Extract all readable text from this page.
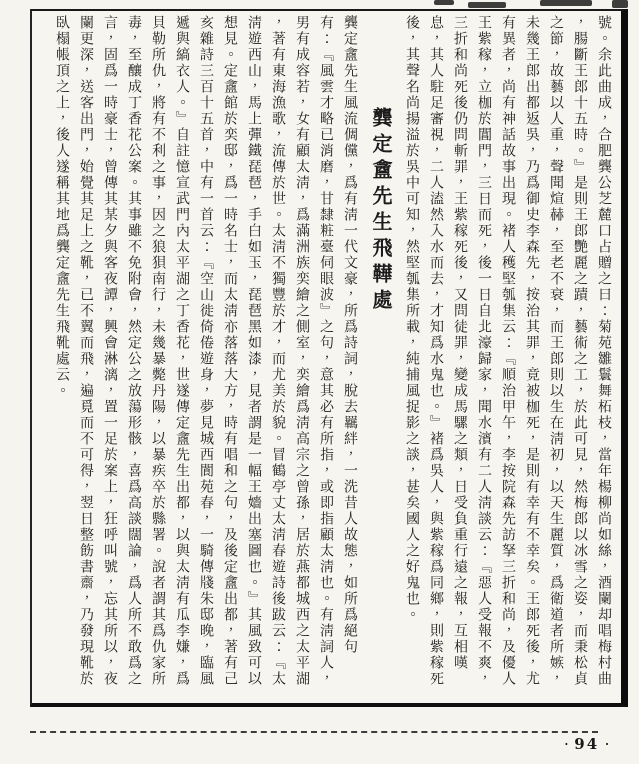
號。余此曲成，合肥龔公芝麓口占贈之曰：菊苑雛鬟舞柘枝，當年楊柳尚如絲，酒闌却唱梅村曲
，腸斷王郎十五時。』是則王郎艷麗之蹟，藝術之工，於此可見，然梅郎以冰雪之姿，而秉松貞
之節，故藝以人重，聲聞煊赫，至老不衰，而王郎則以生在淸初，以天生麗質，爲衛道者所嫉，
未幾王郎出都返吳，乃爲御史李森先，按治其罪，竟被枷死，是則有幸有不幸矣。王郎死後，尤
有異者，尚有神話故事出現。褚人穫堅瓠集云：『順治甲午，李按院森先訪拏三折和尚，及優人
王紫稼，立枷於閶門，三日而死，後一日自北濠歸家，聞水濱有二人淸談云：『惡人受報不爽，
三折和尚死後仍問斬罪，王紫稼死後，又問徒罪，變成馬騾之類，日受負重行遠之報，互相嘆
息，其人駐足審視，二人溘然入水而去，才知爲水鬼也。』褚爲吳人，與紫稼爲同鄉，則紫稼死
後，其聲名尚揚溢於吳中可知，然堅瓠集所載，純捕風捉影之談，甚矣國人之好鬼也。
龔定盦先生飛鞾處
龔定盦先生風流倜儻，爲有淸一代文豪，所爲詩詞，脫去羈絆，一洗昔人故態，如所爲絕句
有：『風雲才略已消磨，甘隸粧臺伺眼波』之句，意其必有所指，或即指顧太淸也。有淸詞人，
男有成容若，女有顧太淸，爲滿洲族奕繪之側室，奕繪爲淸高宗之曾孫，居於燕都城西之太平湖
，著有東海漁歌，流傳於世。太淸不獨豐於才，而尤美於貌。冒鶴亭丈太淸春遊詩後跋云：『太
淸遊西山，馬上彈鐵琵琶，手白如玉，琵琶黑如漆，見者謂是一幅王嬙出塞圖也。』其風致可以
想見。定盦館於奕邸，爲一時名士，而太淸亦落落大方，時有唱和之句，及後定盦出都，著有己
亥雜詩三百十五首，中有一首云：『空山徙倚倦遊身，夢見城西閬苑春，一騎傳牋朱邸晚，臨風
遞與縞衣人。』自註憶宣武門內太平湖之丁香花，世遂傳定盦先生出都，以與太淸有瓜李嫌，爲
貝勒所仇，將有不利之事，因之狼狽南行，未幾暴斃丹陽，以暴疾卒於縣署。說者謂其爲仇家所
毒，至釀成丁香花公案。其事雖不免附會，然定公之放蕩形骸，喜爲高談闊論，爲人所不敢爲之
言，固爲一時豪士，曾傳其某夕與客夜譚，興會淋漓，置一足於案上，狂呼叫號，忘其所以，夜
闌更深，送客出門，始覺其足上之靴，已不翼而飛，遍覓而不可得，翌日整飭書齋，乃發現靴於
臥榻帳頂之上，後人遂稱其地爲龔定盦先生飛靴處云。
· 94 ·
